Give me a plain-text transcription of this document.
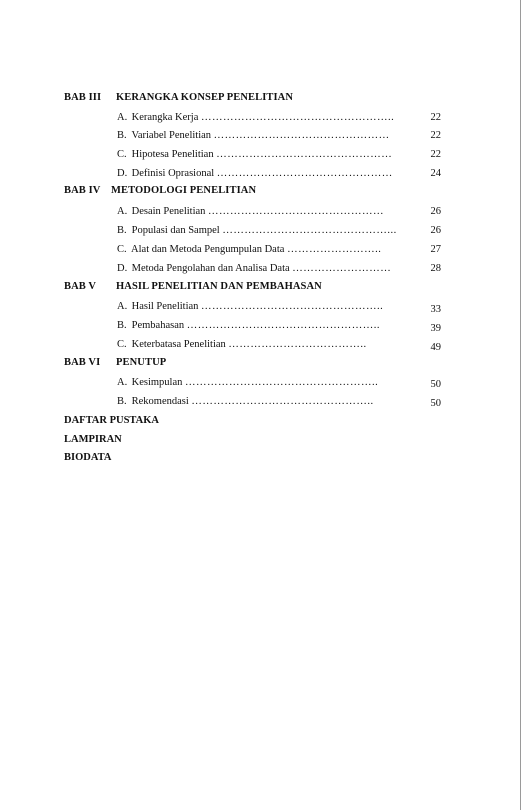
BAB III KERANGKA KONSEP PENELITIAN
A. Kerangka Kerja ……………………………………………..	22
B. Variabel Penelitian …………………………………………	22
C. Hipotesa Penelitian …………………………………………	22
D. Definisi Oprasional …………………………………………	24
BAB IV METODOLOGI PENELITIAN
A. Desain Penelitian …………………………………………	26
B. Populasi dan Sampel ………………………………………...	26
C. Alat dan Metoda Pengumpulan Data ……………………..	27
D. Metoda Pengolahan dan Analisa Data ………………………	28
BAB V HASIL PENELITIAN DAN PEMBAHASAN
A. Hasil Penelitian …………………………………………..	33
B. Pembahasan ……………………………………………..	39
C. Keterbatasa Penelitian ………………………………..	49
BAB VI PENUTUP
A. Kesimpulan ……………………………………………..	50
B. Rekomendasi …………………………………………..	50
DAFTAR PUSTAKA
LAMPIRAN
BIODATA
